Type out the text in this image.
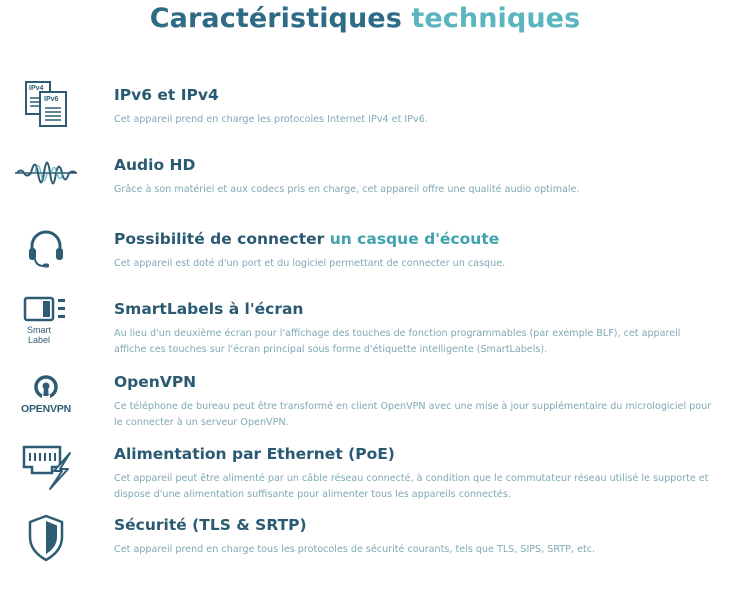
Caractéristiques techniques
IPv4
IPv6	IPv6 et IPv4

Cet appareil prend en charge les protocoles Internet IPv4 et IPv6.

Audio HD

Grâce à son matériel et aux codecs pris en charge, cet appareil offre une qualité audio optimale.

Possibilité de connecter un casque d'écoute

Cet appareil est doté d'un port et du logiciel permettant de connecter un casque.

Smart
Label
SmartLabels à l'écran

Au lieu d'un deuxième écran pour l'affichage des touches de fonction programmables (par exemple BLF), cet appareil affiche ces touches sur l'écran principal sous forme d'étiquette intelligente (SmartLabels).

OPENVPN
OpenVPN

Ce téléphone de bureau peut être transformé en client OpenVPN avec une mise à jour supplémentaire du micrologiciel pour le connecter à un serveur OpenVPN.

Alimentation par Ethernet (PoE)

Cet appareil peut être alimenté par un câble réseau connecté, à condition que le commutateur réseau utilisé le supporte et dispose d'une alimentation suffisante pour alimenter tous les appareils connectés.

Sécurité (TLS & SRTP)

Cet appareil prend en charge tous les protocoles de sécurité courants, tels que TLS, SIPS, SRTP, etc.
